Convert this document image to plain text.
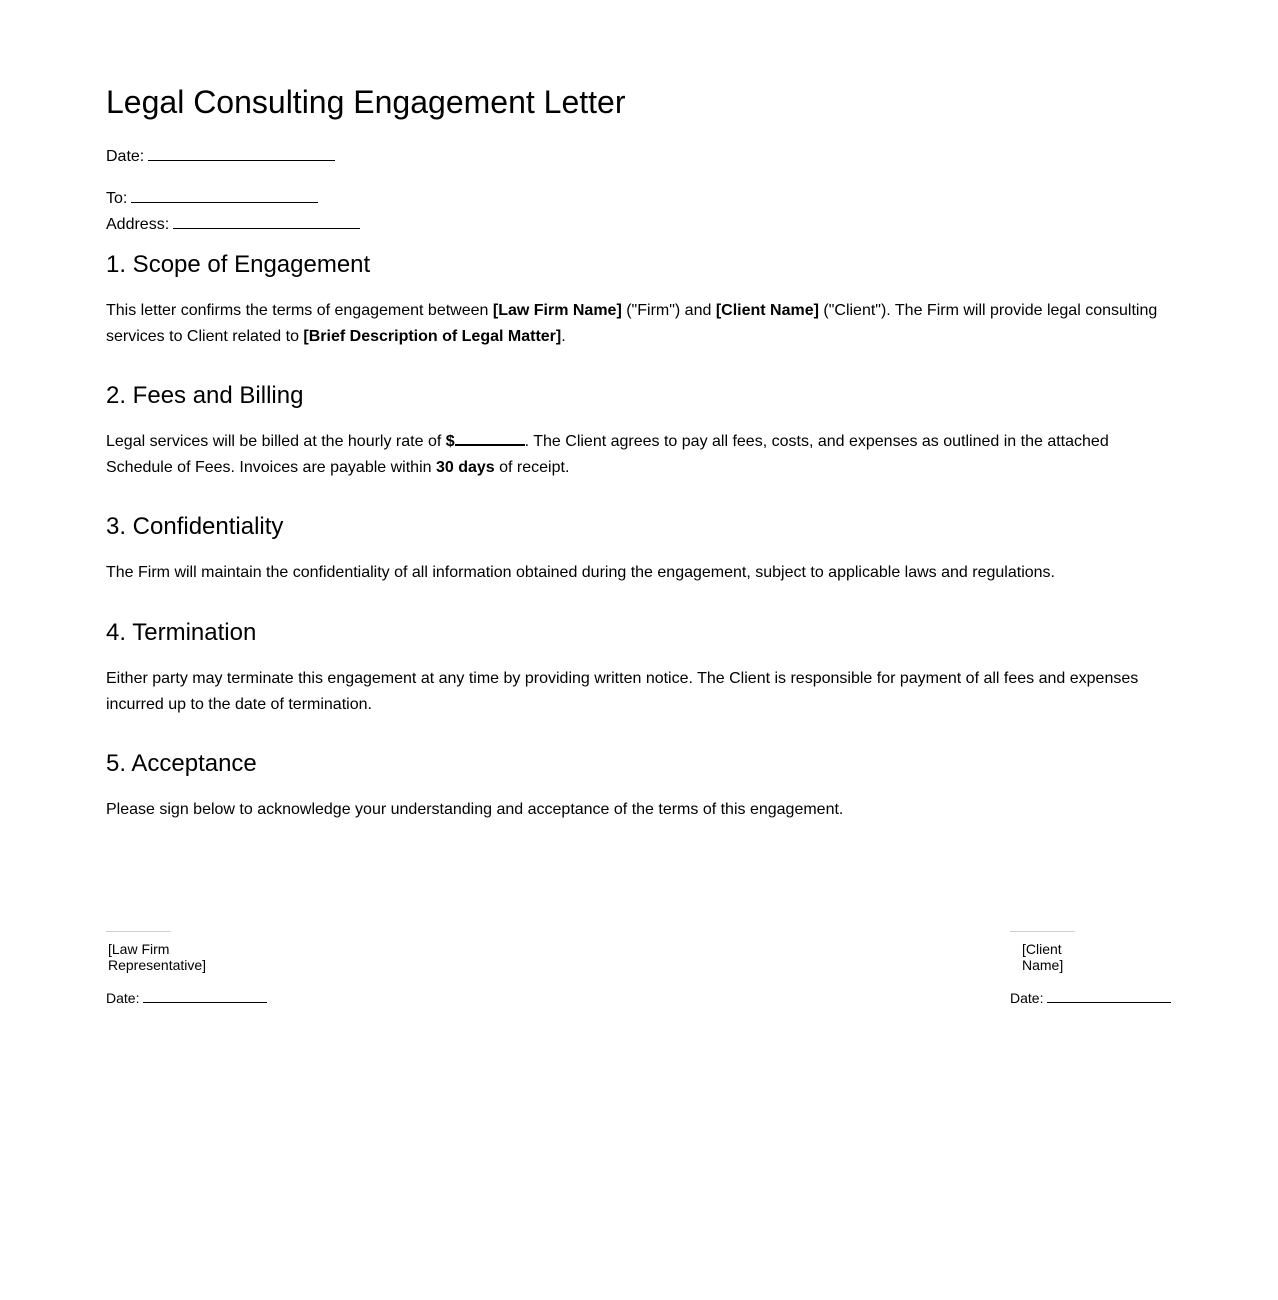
Legal Consulting Engagement Letter
Date:
To:
Address:
1. Scope of Engagement

This letter confirms the terms of engagement between [Law Firm Name] ("Firm") and [Client Name] ("Client"). The Firm will provide legal consulting services to Client related to [Brief Description of Legal Matter].

2. Fees and Billing

Legal services will be billed at the hourly rate of $	. The Client agrees to pay all fees, costs, and expenses as outlined in the attached Schedule of Fees. Invoices are payable within 30 days of receipt.

3. Confidentiality

The Firm will maintain the confidentiality of all information obtained during the engagement, subject to applicable laws and regulations.

4. Termination

Either party may terminate this engagement at any time by providing written notice. The Client is responsible for payment of all fees and expenses incurred up to the date of termination.

5. Acceptance

Please sign below to acknowledge your understanding and acceptance of the terms of this engagement.

[Law Firm Representative]
Date:
[Client Name]
Date:
